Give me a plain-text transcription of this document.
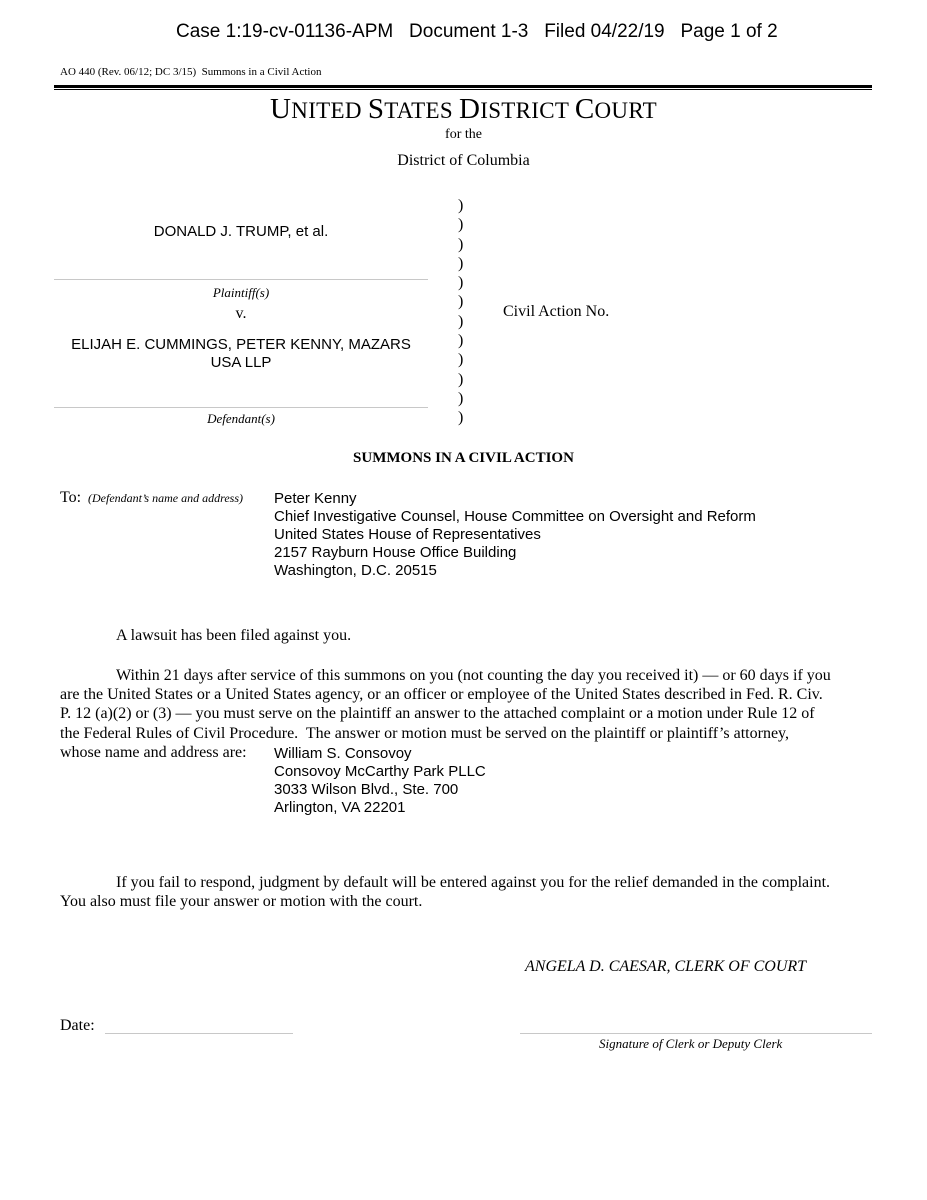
Case 1:19-cv-01136-APM   Document 1-3   Filed 04/22/19   Page 1 of 2
AO 440 (Rev. 06/12; DC 3/15)  Summons in a Civil Action
UNITED STATES DISTRICT COURT
for the
District of Columbia
DONALD J. TRUMP, et al.
Plaintiff(s)
v.
ELIJAH E. CUMMINGS, PETER KENNY, MAZARS
USA LLP
Defendant(s)
)
)
)
)
)
)
)
)
)
)
)
)
Civil Action No.
SUMMONS IN A CIVIL ACTION
To: (Defendant’s name and address) Peter Kenny
Chief Investigative Counsel, House Committee on Oversight and Reform
United States House of Representatives
2157 Rayburn House Office Building
Washington, D.C. 20515
A lawsuit has been filed against you.
Within 21 days after service of this summons on you (not counting the day you received it) — or 60 days if you
are the United States or a United States agency, or an officer or employee of the United States described in Fed. R. Civ.
P. 12 (a)(2) or (3) — you must serve on the plaintiff an answer to the attached complaint or a motion under Rule 12 of
the Federal Rules of Civil Procedure.  The answer or motion must be served on the plaintiff or plaintiff’s attorney,
whose name and address are:	William S. Consovoy
Consovoy McCarthy Park PLLC
3033 Wilson Blvd., Ste. 700
Arlington, VA 22201
If you fail to respond, judgment by default will be entered against you for the relief demanded in the complaint.
You also must file your answer or motion with the court.
ANGELA D. CAESAR, CLERK OF COURT
Date:
Signature of Clerk or Deputy Clerk
